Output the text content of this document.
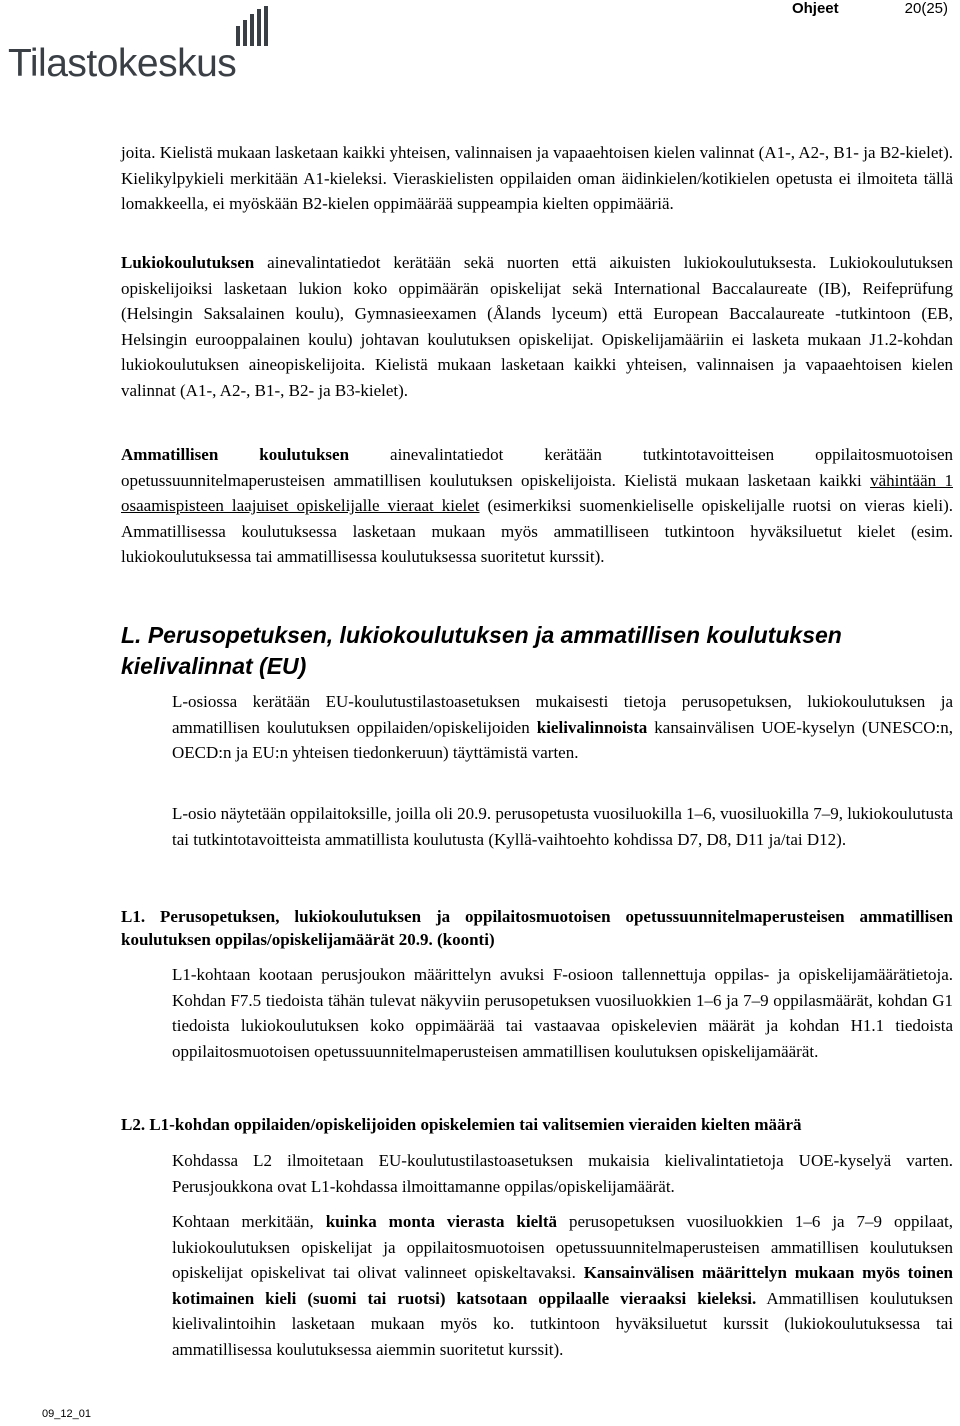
Ohjeet	20(25)
Tilastokeskus

joita. Kielistä mukaan lasketaan kaikki yhteisen, valinnaisen ja vapaaehtoisen kielen valinnat (A1-, A2-, B1- ja B2-kielet). Kielikylpykieli merkitään A1-kieleksi. Vieraskielisten oppilaiden oman äidinkielen/kotikielen opetusta ei ilmoiteta tällä lomakkeella, ei myöskään B2-kielen oppimäärää suppeampia kielten oppimääriä.

Lukiokoulutuksen ainevalintatiedot kerätään sekä nuorten että aikuisten lukiokoulutuksesta. Lukiokoulutuksen opiskelijoiksi lasketaan lukion koko oppimäärän opiskelijat sekä International Baccalaureate (IB), Reifeprüfung (Helsingin Saksalainen koulu), Gymnasieexamen (Ålands lyceum) että European Baccalaureate -tutkintoon (EB, Helsingin eurooppalainen koulu) johtavan koulutuksen opiskelijat. Opiskelijamääriin ei lasketa mukaan J1.2-kohdan lukiokoulutuksen aineopiskelijoita. Kielistä mukaan lasketaan kaikki yhteisen, valinnaisen ja vapaaehtoisen kielen valinnat (A1-, A2-, B1-, B2- ja B3-kielet).

Ammatillisen koulutuksen ainevalintatiedot kerätään tutkintotavoitteisen oppilaitosmuotoisen opetussuunnitelmaperusteisen ammatillisen koulutuksen opiskelijoista. Kielistä mukaan lasketaan kaikki vähintään 1 osaamispisteen laajuiset opiskelijalle vieraat kielet (esimerkiksi suomenkieliselle opiskelijalle ruotsi on vieras kieli). Ammatillisessa koulutuksessa lasketaan mukaan myös ammatilliseen tutkintoon hyväksiluetut kielet (esim. lukiokoulutuksessa tai ammatillisessa koulutuksessa suoritetut kurssit).

L. Perusopetuksen, lukiokoulutuksen ja ammatillisen koulutuksen kielivalinnat (EU)

L-osiossa kerätään EU-koulutustilastoasetuksen mukaisesti tietoja perusopetuksen, lukiokoulutuksen ja ammatillisen koulutuksen oppilaiden/opiskelijoiden kielivalinnoista kansainvälisen UOE-kyselyn (UNESCO:n, OECD:n ja EU:n yhteisen tiedonkeruun) täyttämistä varten.

L-osio näytetään oppilaitoksille, joilla oli 20.9. perusopetusta vuosiluokilla 1–6, vuosiluokilla 7–9, lukiokoulutusta tai tutkintotavoitteista ammatillista koulutusta (Kyllä-vaihtoehto kohdissa D7, D8, D11 ja/tai D12).

L1. Perusopetuksen, lukiokoulutuksen ja oppilaitosmuotoisen opetussuunnitelmaperusteisen ammatillisen koulutuksen oppilas/opiskelijamäärät 20.9. (koonti)

L1-kohtaan kootaan perusjoukon määrittelyn avuksi F-osioon tallennettuja oppilas- ja opiskelijamäärätietoja. Kohdan F7.5 tiedoista tähän tulevat näkyviin perusopetuksen vuosiluokkien 1–6 ja 7–9 oppilasmäärät, kohdan G1 tiedoista lukiokoulutuksen koko oppimäärää tai vastaavaa opiskelevien määrät ja kohdan H1.1 tiedoista oppilaitosmuotoisen opetussuunnitelmaperusteisen ammatillisen koulutuksen opiskelijamäärät.

L2. L1-kohdan oppilaiden/opiskelijoiden opiskelemien tai valitsemien vieraiden kielten määrä

Kohdassa L2 ilmoitetaan EU-koulutustilastoasetuksen mukaisia kielivalintatietoja UOE-kyselyä varten. Perusjoukkona ovat L1-kohdassa ilmoittamanne oppilas/opiskelijamäärät.

Kohtaan merkitään, kuinka monta vierasta kieltä perusopetuksen vuosiluokkien 1–6 ja 7–9 oppilaat, lukiokoulutuksen opiskelijat ja oppilaitosmuotoisen opetussuunnitelmaperusteisen ammatillisen koulutuksen opiskelijat opiskelivat tai olivat valinneet opiskeltavaksi. Kansainvälisen määrittelyn mukaan myös toinen kotimainen kieli (suomi tai ruotsi) katsotaan oppilaalle vieraaksi kieleksi. Ammatillisen koulutuksen kielivalintoihin lasketaan mukaan myös ko. tutkintoon hyväksiluetut kurssit (lukiokoulutuksessa tai ammatillisessa koulutuksessa aiemmin suoritetut kurssit).

09_12_01
